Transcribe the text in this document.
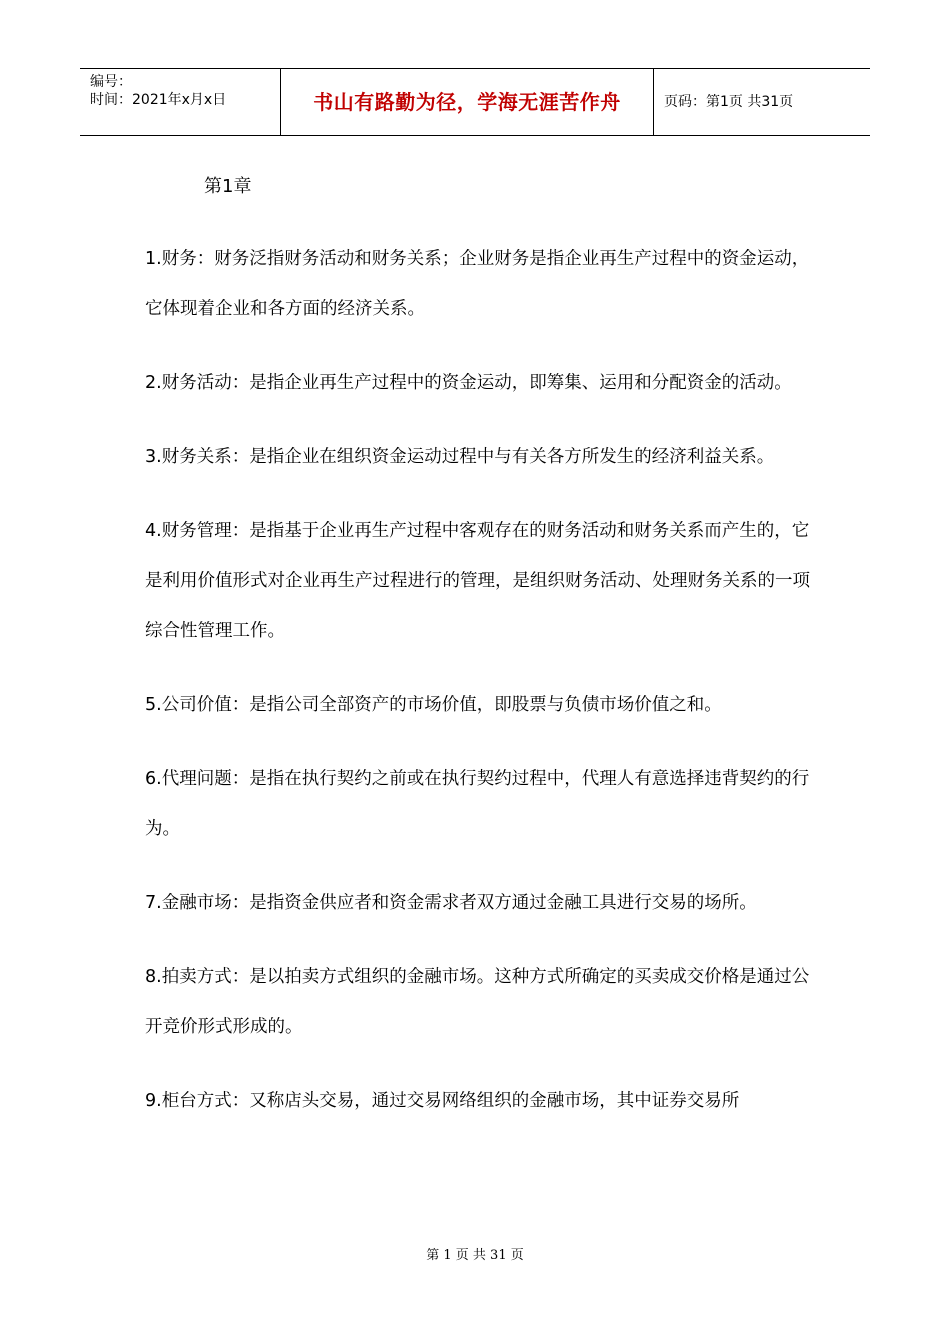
编号：
时间：2021年x月x日	书山有路勤为径，学海无涯苦作舟	页码：第1页 共31页
第1章

1.财务：财务泛指财务活动和财务关系；企业财务是指企业再生产过程中的资金运动，它体现着企业和各方面的经济关系。

2.财务活动：是指企业再生产过程中的资金运动，即筹集、运用和分配资金的活动。

3.财务关系：是指企业在组织资金运动过程中与有关各方所发生的经济利益关系。

4.财务管理：是指基于企业再生产过程中客观存在的财务活动和财务关系而产生的，它是利用价值形式对企业再生产过程进行的管理，是组织财务活动、处理财务关系的一项综合性管理工作。

5.公司价值：是指公司全部资产的市场价值，即股票与负债市场价值之和。

6.代理问题：是指在执行契约之前或在执行契约过程中，代理人有意选择违背契约的行为。

7.金融市场：是指资金供应者和资金需求者双方通过金融工具进行交易的场所。

8.拍卖方式：是以拍卖方式组织的金融市场。这种方式所确定的买卖成交价格是通过公开竞价形式形成的。

9.柜台方式：又称店头交易，通过交易网络组织的金融市场，其中证券交易所

第 1 页 共 31 页
